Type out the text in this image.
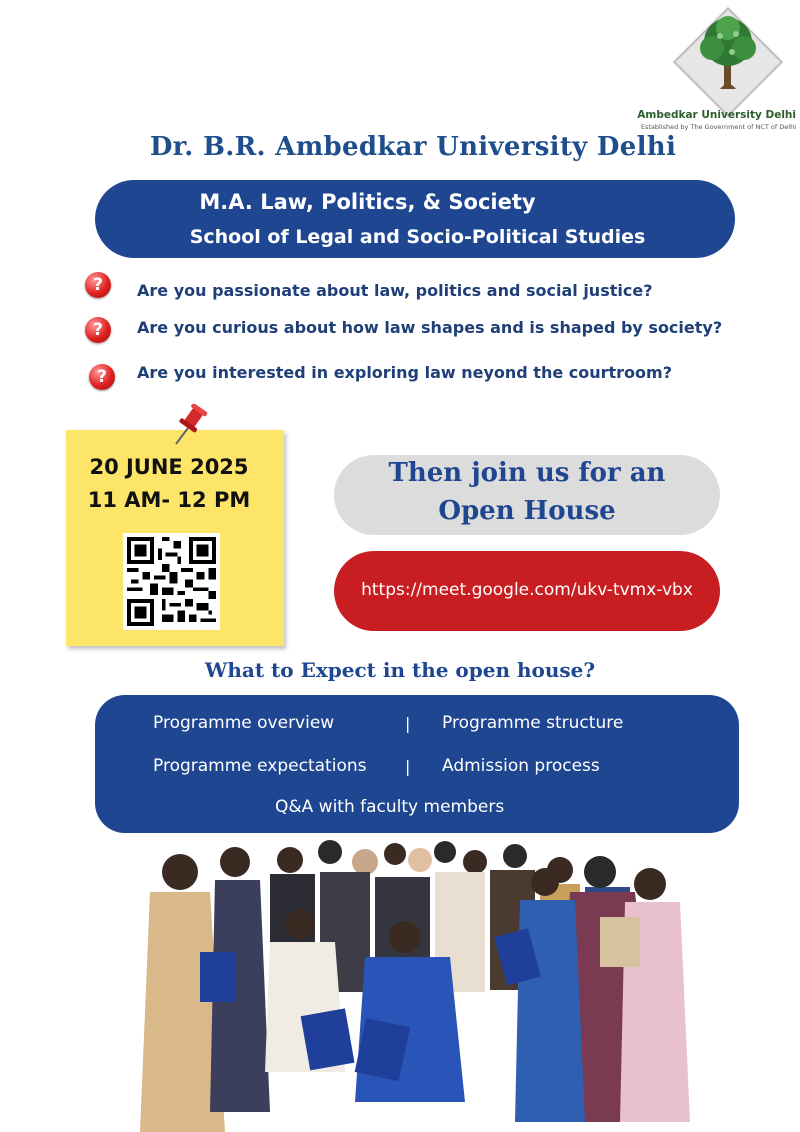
Ambedkar University Delhi
Established by The Government of NCT of Delhi
Dr. B.R. Ambedkar University Delhi
M.A. Law, Politics, & Society
School of Legal and Socio-Political Studies
?	Are you passionate about law, politics and social justice?
?	Are you curious about how law shapes and is shaped by society?
?	Are you interested in exploring law neyond the courtroom?
20 JUNE 2025
11 AM- 12 PM
Then join us for an
Open House
https://meet.google.com/ukv-tvmx-vbx
What to Expect in the open house?
Programme overview	| Programme structure
Programme expectations | Admission process
Q&A with faculty members
